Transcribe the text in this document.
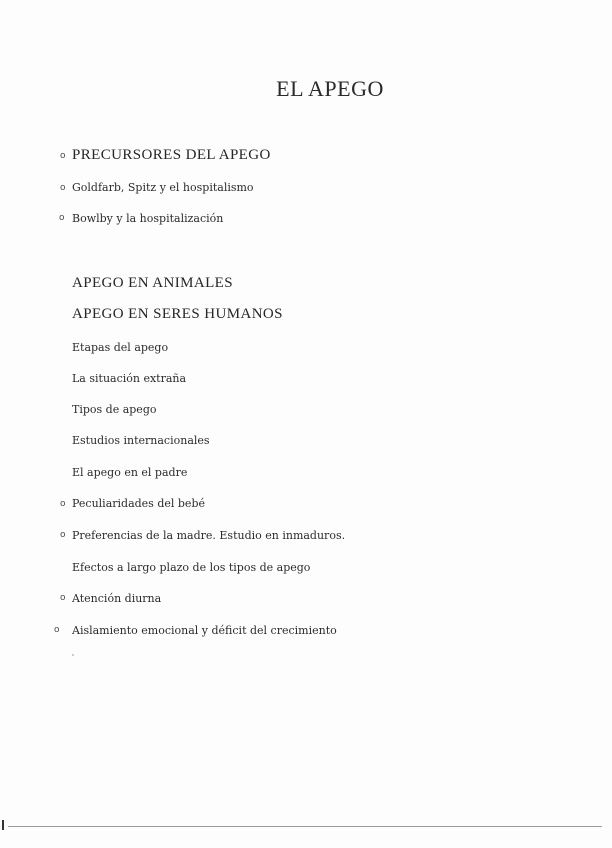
EL APEGO
o
o
o
o
o
o
o
PRECURSORES DEL APEGO
Goldfarb, Spitz y el hospitalismo
Bowlby y la hospitalización
APEGO EN ANIMALES
APEGO EN SERES HUMANOS
Etapas del apego
La situación extraña
Tipos de apego
Estudios internacionales
El apego en el padre
Peculiaridades del bebé
Preferencias de la madre. Estudio en inmaduros.
Efectos a largo plazo de los tipos de apego
Atención diurna
Aislamiento emocional y déficit del crecimiento
